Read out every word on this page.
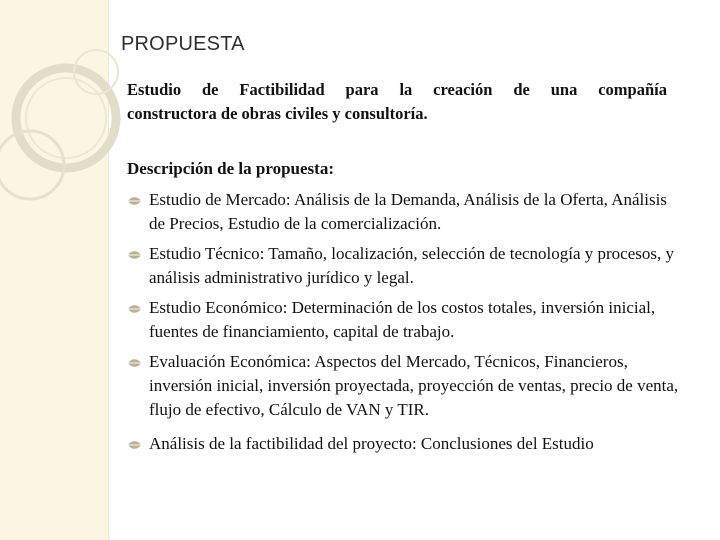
PROPUESTA
Estudio de Factibilidad para la creación de una compañía
constructora de obras civiles y consultoría.
Descripción de la propuesta:
Estudio de Mercado: Análisis de la Demanda, Análisis de la Oferta, Análisis de Precios, Estudio de la comercialización.
Estudio Técnico: Tamaño, localización, selección de tecnología y procesos, y análisis administrativo jurídico y legal.
Estudio Económico: Determinación de los costos totales, inversión inicial, fuentes de financiamiento, capital de trabajo.
Evaluación Económica: Aspectos del Mercado, Técnicos, Financieros, inversión inicial, inversión proyectada, proyección de ventas, precio de venta, flujo de efectivo, Cálculo de VAN y TIR.
Análisis de la factibilidad del proyecto: Conclusiones del Estudio
